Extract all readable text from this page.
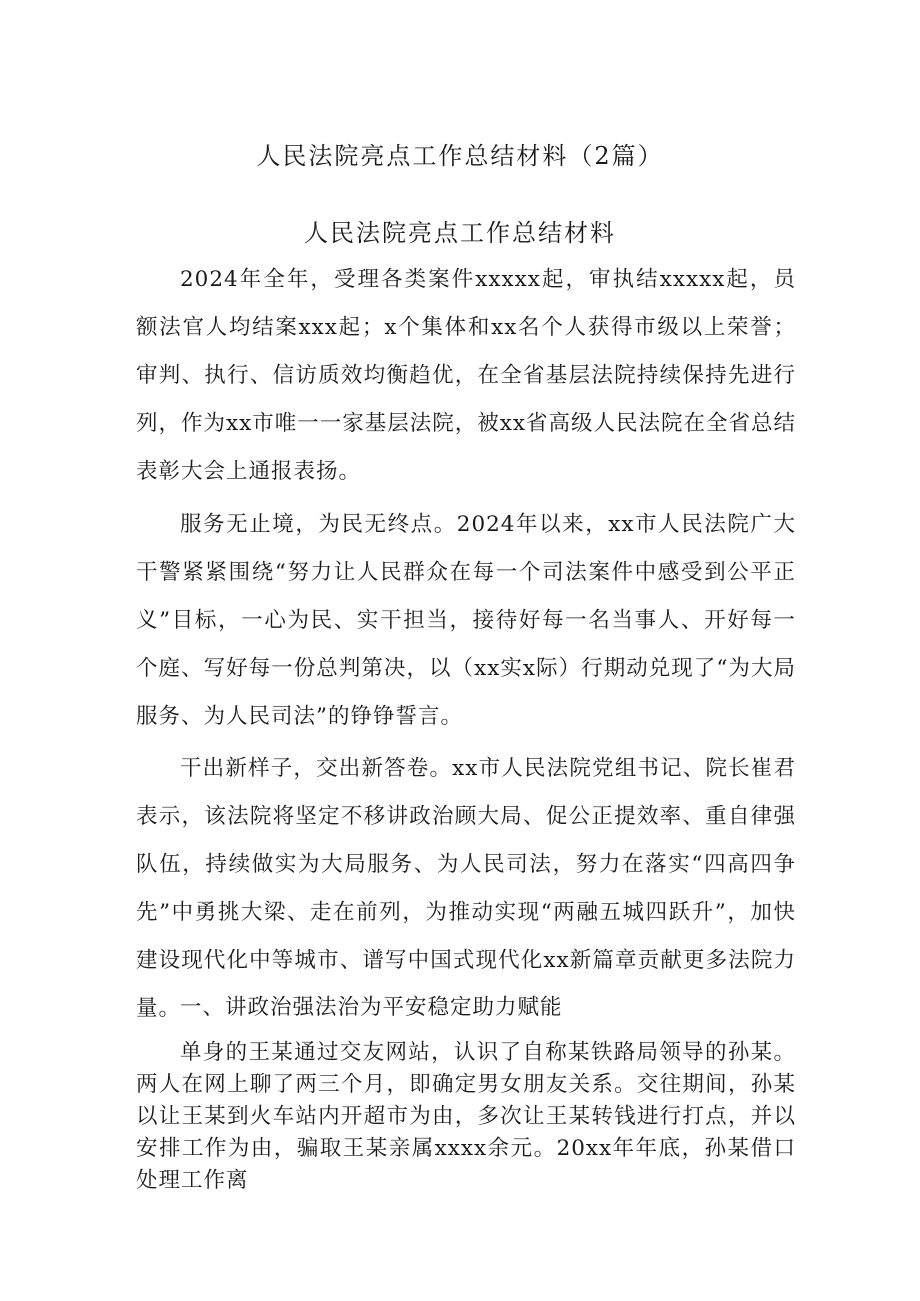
人民法院亮点工作总结材料（2篇）
人民法院亮点工作总结材料

2024年全年，受理各类案件xxxxx起，审执结xxxxx起，员额法官人均结案xxx起；x个集体和xx名个人获得市级以上荣誉；审判、执行、信访质效均衡趋优，在全省基层法院持续保持先进行列，作为xx市唯一一家基层法院，被xx省高级人民法院在全省总结表彰大会上通报表扬。

服务无止境，为民无终点。2024年以来，xx市人民法院广大干警紧紧围绕“努力让人民群众在每一个司法案件中感受到公平正义”目标，一心为民、实干担当，接待好每一名当事人、开好每一个庭、写好每一份总判第决，以（xx实x际）行期动兑现了“为大局服务、为人民司法”的铮铮誓言。

干出新样子，交出新答卷。xx市人民法院党组书记、院长崔君表示，该法院将坚定不移讲政治顾大局、促公正提效率、重自律强队伍，持续做实为大局服务、为人民司法，努力在落实“四高四争先”中勇挑大梁、走在前列，为推动实现“两融五城四跃升”，加快建设现代化中等城市、谱写中国式现代化xx新篇章贡献更多法院力量。

一、讲政治强法治为平安稳定助力赋能

单身的王某通过交友网站，认识了自称某铁路局领导的孙某。两人在网上聊了两三个月，即确定男女朋友关系。交往期间，孙某以让王某到火车站内开超市为由，多次让王某转钱进行打点，并以安排工作为由，骗取王某亲属xxxx余元。20xx年年底，孙某借口处理工作离
